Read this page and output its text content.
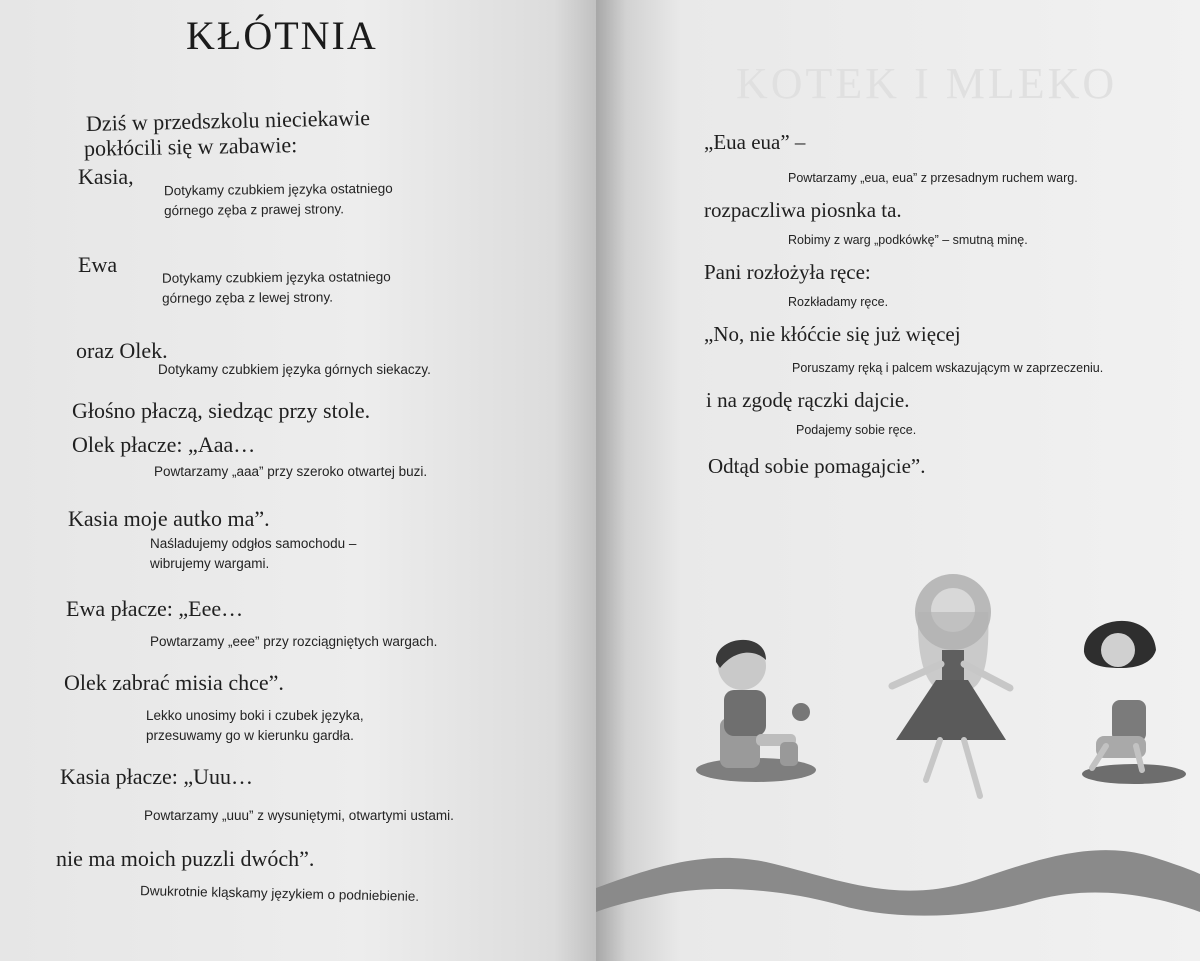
KŁÓTNIA
Dziś w przedszkolu nieciekawie
pokłócili się w zabawie:
Kasia,
Dotykamy czubkiem języka ostatniego
górnego zęba z prawej strony.
Ewa
Dotykamy czubkiem języka ostatniego
górnego zęba z lewej strony.
oraz Olek.
Dotykamy czubkiem języka górnych siekaczy.
Głośno płaczą, siedząc przy stole.
Olek płacze: „Aaa…
Powtarzamy „aaa” przy szeroko otwartej buzi.
Kasia moje autko ma”.
Naśladujemy odgłos samochodu –
wibrujemy wargami.
Ewa płacze: „Eee…
Powtarzamy „eee” przy rozciągniętych wargach.
Olek zabrać misia chce”.
Lekko unosimy boki i czubek języka,
przesuwamy go w kierunku gardła.
Kasia płacze: „Uuu…
Powtarzamy „uuu” z wysuniętymi, otwartymi ustami.
nie ma moich puzzli dwóch”.
Dwukrotnie kląskamy językiem o podniebienie.
KOTEK I MLEKO
„Eua eua” –
Powtarzamy „eua, eua” z przesadnym ruchem warg.
rozpaczliwa piosnka ta.
Robimy z warg „podkówkę” – smutną minę.
Pani rozłożyła ręce:
Rozkładamy ręce.
„No, nie kłóćcie się już więcej
Poruszamy ręką i palcem wskazującym w zaprzeczeniu.
i na zgodę rączki dajcie.
Podajemy sobie ręce.
Odtąd sobie pomagajcie”.
